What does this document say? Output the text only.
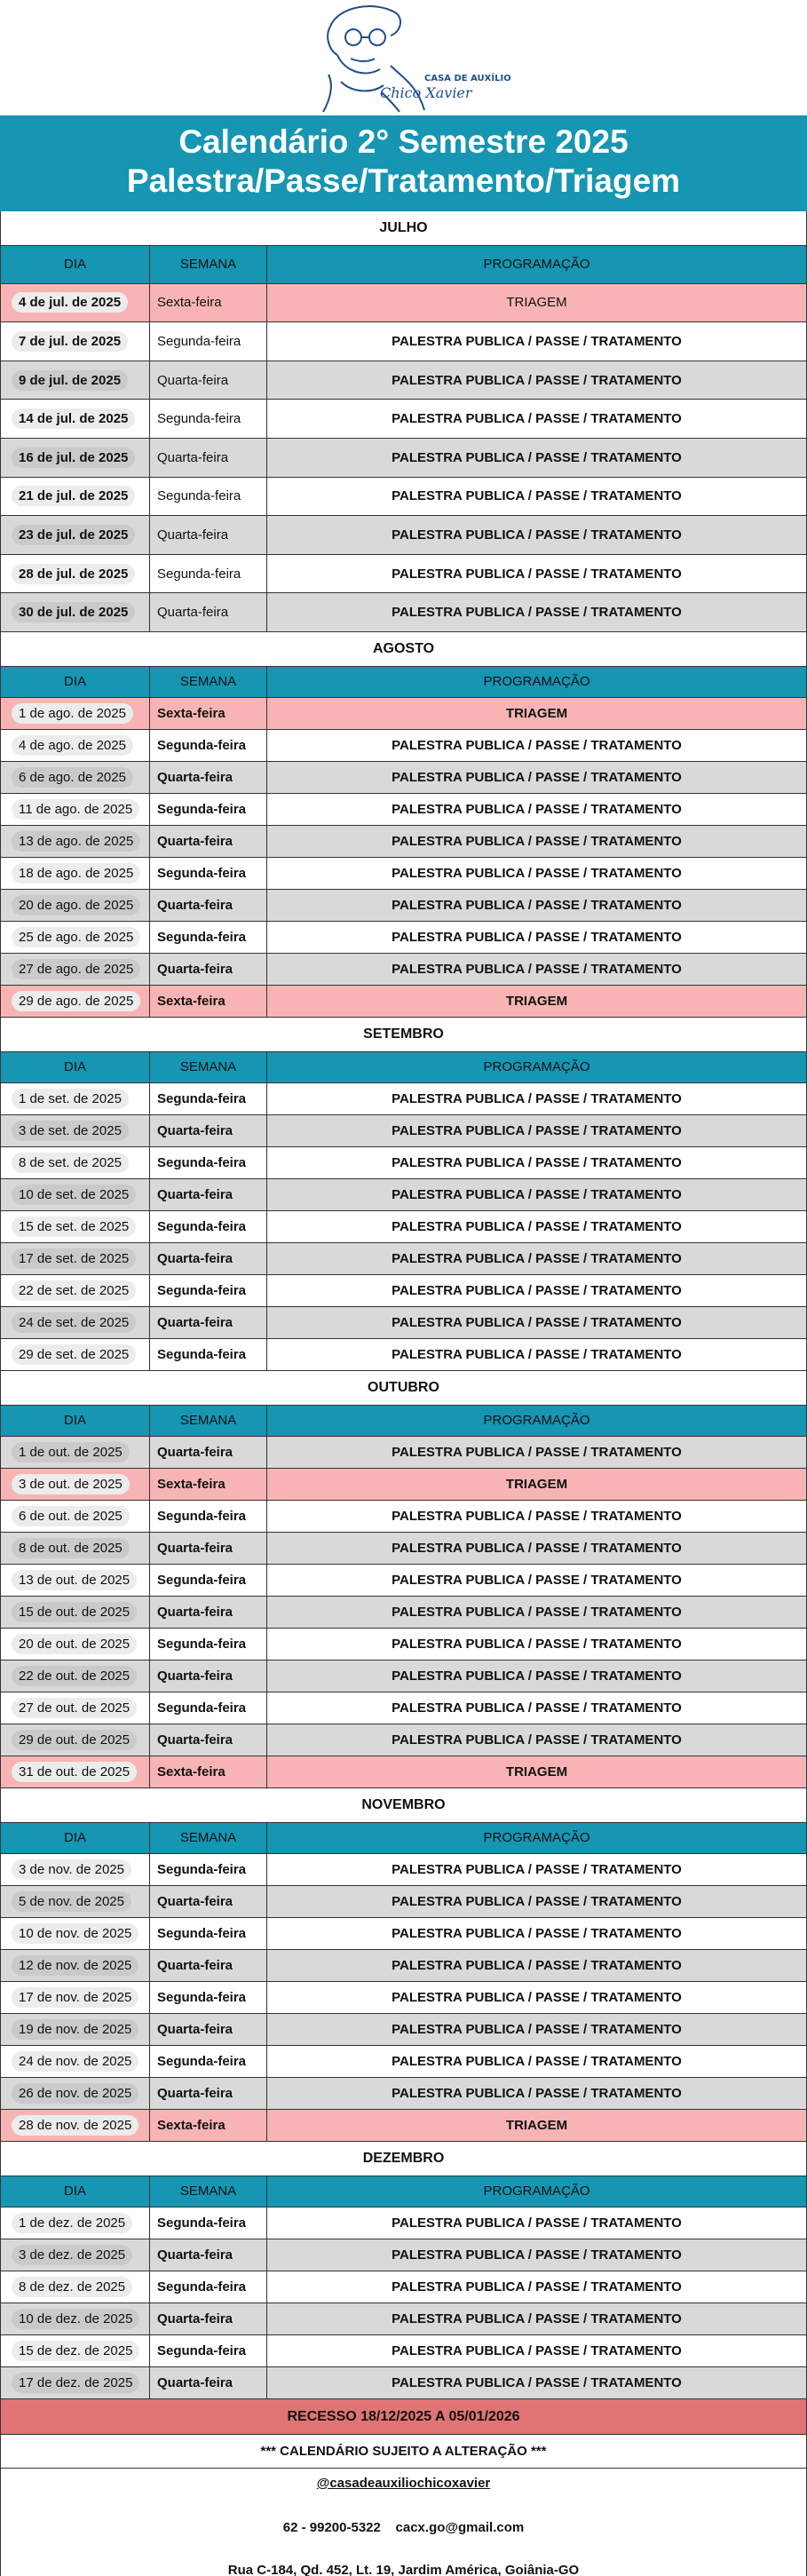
CASA DE AUXÍLIO
Chico Xavier
Calendário 2° Semestre 2025
Palestra/Passe/Tratamento/Triagem
JULHO
DIA	SEMANA	PROGRAMAÇÃO
4 de jul. de 2025	Sexta-feira	TRIAGEM
7 de jul. de 2025	Segunda-feira	PALESTRA PUBLICA / PASSE / TRATAMENTO
9 de jul. de 2025	Quarta-feira	PALESTRA PUBLICA / PASSE / TRATAMENTO
14 de jul. de 2025	Segunda-feira	PALESTRA PUBLICA / PASSE / TRATAMENTO
16 de jul. de 2025	Quarta-feira	PALESTRA PUBLICA / PASSE / TRATAMENTO
21 de jul. de 2025	Segunda-feira	PALESTRA PUBLICA / PASSE / TRATAMENTO
23 de jul. de 2025	Quarta-feira	PALESTRA PUBLICA / PASSE / TRATAMENTO
28 de jul. de 2025	Segunda-feira	PALESTRA PUBLICA / PASSE / TRATAMENTO
30 de jul. de 2025	Quarta-feira	PALESTRA PUBLICA / PASSE / TRATAMENTO
AGOSTO
DIA	SEMANA	PROGRAMAÇÃO
1 de ago. de 2025	Sexta-feira	TRIAGEM
4 de ago. de 2025	Segunda-feira	PALESTRA PUBLICA / PASSE / TRATAMENTO
6 de ago. de 2025	Quarta-feira	PALESTRA PUBLICA / PASSE / TRATAMENTO
11 de ago. de 2025	Segunda-feira	PALESTRA PUBLICA / PASSE / TRATAMENTO
13 de ago. de 2025	Quarta-feira	PALESTRA PUBLICA / PASSE / TRATAMENTO
18 de ago. de 2025	Segunda-feira	PALESTRA PUBLICA / PASSE / TRATAMENTO
20 de ago. de 2025	Quarta-feira	PALESTRA PUBLICA / PASSE / TRATAMENTO
25 de ago. de 2025	Segunda-feira	PALESTRA PUBLICA / PASSE / TRATAMENTO
27 de ago. de 2025	Quarta-feira	PALESTRA PUBLICA / PASSE / TRATAMENTO
29 de ago. de 2025	Sexta-feira	TRIAGEM
SETEMBRO
DIA	SEMANA	PROGRAMAÇÃO
1 de set. de 2025	Segunda-feira	PALESTRA PUBLICA / PASSE / TRATAMENTO
3 de set. de 2025	Quarta-feira	PALESTRA PUBLICA / PASSE / TRATAMENTO
8 de set. de 2025	Segunda-feira	PALESTRA PUBLICA / PASSE / TRATAMENTO
10 de set. de 2025	Quarta-feira	PALESTRA PUBLICA / PASSE / TRATAMENTO
15 de set. de 2025	Segunda-feira	PALESTRA PUBLICA / PASSE / TRATAMENTO
17 de set. de 2025	Quarta-feira	PALESTRA PUBLICA / PASSE / TRATAMENTO
22 de set. de 2025	Segunda-feira	PALESTRA PUBLICA / PASSE / TRATAMENTO
24 de set. de 2025	Quarta-feira	PALESTRA PUBLICA / PASSE / TRATAMENTO
29 de set. de 2025	Segunda-feira	PALESTRA PUBLICA / PASSE / TRATAMENTO
OUTUBRO
DIA	SEMANA	PROGRAMAÇÃO
1 de out. de 2025	Quarta-feira	PALESTRA PUBLICA / PASSE / TRATAMENTO
3 de out. de 2025	Sexta-feira	TRIAGEM
6 de out. de 2025	Segunda-feira	PALESTRA PUBLICA / PASSE / TRATAMENTO
8 de out. de 2025	Quarta-feira	PALESTRA PUBLICA / PASSE / TRATAMENTO
13 de out. de 2025	Segunda-feira	PALESTRA PUBLICA / PASSE / TRATAMENTO
15 de out. de 2025	Quarta-feira	PALESTRA PUBLICA / PASSE / TRATAMENTO
20 de out. de 2025	Segunda-feira	PALESTRA PUBLICA / PASSE / TRATAMENTO
22 de out. de 2025	Quarta-feira	PALESTRA PUBLICA / PASSE / TRATAMENTO
27 de out. de 2025	Segunda-feira	PALESTRA PUBLICA / PASSE / TRATAMENTO
29 de out. de 2025	Quarta-feira	PALESTRA PUBLICA / PASSE / TRATAMENTO
31 de out. de 2025	Sexta-feira	TRIAGEM
NOVEMBRO
DIA	SEMANA	PROGRAMAÇÃO
3 de nov. de 2025	Segunda-feira	PALESTRA PUBLICA / PASSE / TRATAMENTO
5 de nov. de 2025	Quarta-feira	PALESTRA PUBLICA / PASSE / TRATAMENTO
10 de nov. de 2025	Segunda-feira	PALESTRA PUBLICA / PASSE / TRATAMENTO
12 de nov. de 2025	Quarta-feira	PALESTRA PUBLICA / PASSE / TRATAMENTO
17 de nov. de 2025	Segunda-feira	PALESTRA PUBLICA / PASSE / TRATAMENTO
19 de nov. de 2025	Quarta-feira	PALESTRA PUBLICA / PASSE / TRATAMENTO
24 de nov. de 2025	Segunda-feira	PALESTRA PUBLICA / PASSE / TRATAMENTO
26 de nov. de 2025	Quarta-feira	PALESTRA PUBLICA / PASSE / TRATAMENTO
28 de nov. de 2025	Sexta-feira	TRIAGEM
DEZEMBRO
DIA	SEMANA	PROGRAMAÇÃO
1 de dez. de 2025	Segunda-feira	PALESTRA PUBLICA / PASSE / TRATAMENTO
3 de dez. de 2025	Quarta-feira	PALESTRA PUBLICA / PASSE / TRATAMENTO
8 de dez. de 2025	Segunda-feira	PALESTRA PUBLICA / PASSE / TRATAMENTO
10 de dez. de 2025	Quarta-feira	PALESTRA PUBLICA / PASSE / TRATAMENTO
15 de dez. de 2025	Segunda-feira	PALESTRA PUBLICA / PASSE / TRATAMENTO
17 de dez. de 2025	Quarta-feira	PALESTRA PUBLICA / PASSE / TRATAMENTO
RECESSO 18/12/2025 A 05/01/2026
*** CALENDÁRIO SUJEITO A ALTERAÇÃO ***
@casadeauxiliochicoxavier
62 - 99200-5322 cacx.go@gmail.com
Rua C-184, Qd. 452, Lt. 19, Jardim América, Goiânia-GO
